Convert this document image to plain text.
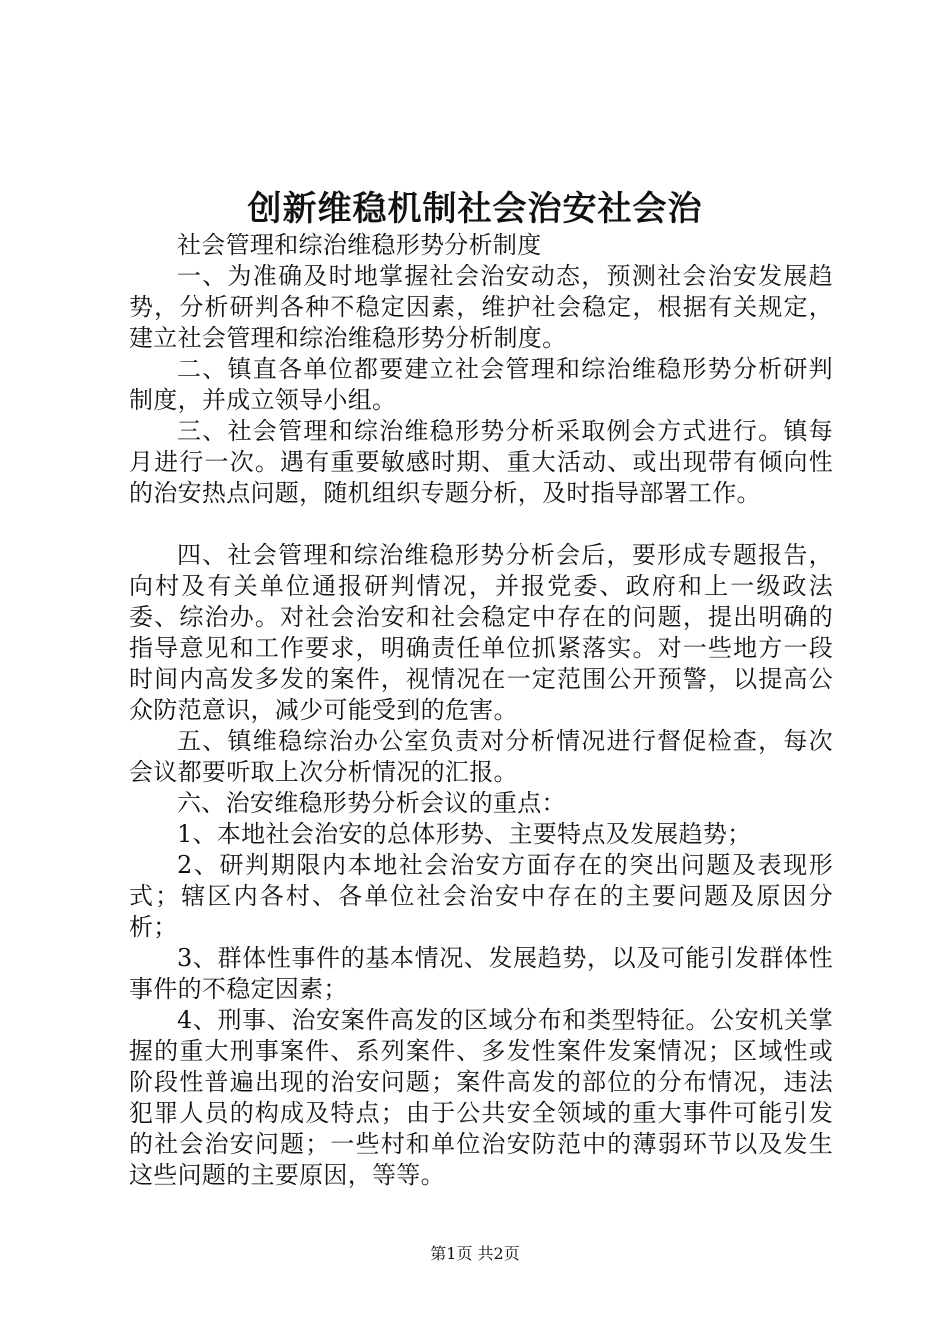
创新维稳机制社会治安社会治

社会管理和综治维稳形势分析制度

一、为准确及时地掌握社会治安动态，预测社会治安发展趋势，分析研判各种不稳定因素，维护社会稳定，根据有关规定，建立社会管理和综治维稳形势分析制度。

二、镇直各单位都要建立社会管理和综治维稳形势分析研判制度，并成立领导小组。

三、社会管理和综治维稳形势分析采取例会方式进行。镇每月进行一次。遇有重要敏感时期、重大活动、或出现带有倾向性的治安热点问题，随机组织专题分析，及时指导部署工作。

四、社会管理和综治维稳形势分析会后，要形成专题报告，向村及有关单位通报研判情况，并报党委、政府和上一级政法委、综治办。对社会治安和社会稳定中存在的问题，提出明确的指导意见和工作要求，明确责任单位抓紧落实。对一些地方一段时间内高发多发的案件，视情况在一定范围公开预警，以提高公众防范意识，减少可能受到的危害。

五、镇维稳综治办公室负责对分析情况进行督促检查，每次会议都要听取上次分析情况的汇报。

六、治安维稳形势分析会议的重点：

1、本地社会治安的总体形势、主要特点及发展趋势；

2、研判期限内本地社会治安方面存在的突出问题及表现形式；辖区内各村、各单位社会治安中存在的主要问题及原因分析；

3、群体性事件的基本情况、发展趋势，以及可能引发群体性事件的不稳定因素；

4、刑事、治安案件高发的区域分布和类型特征。公安机关掌握的重大刑事案件、系列案件、多发性案件发案情况；区域性或阶段性普遍出现的治安问题；案件高发的部位的分布情况，违法犯罪人员的构成及特点；由于公共安全领域的重大事件可能引发的社会治安问题；一些村和单位治安防范中的薄弱环节以及发生这些问题的主要原因，等等。

第1页 共2页
